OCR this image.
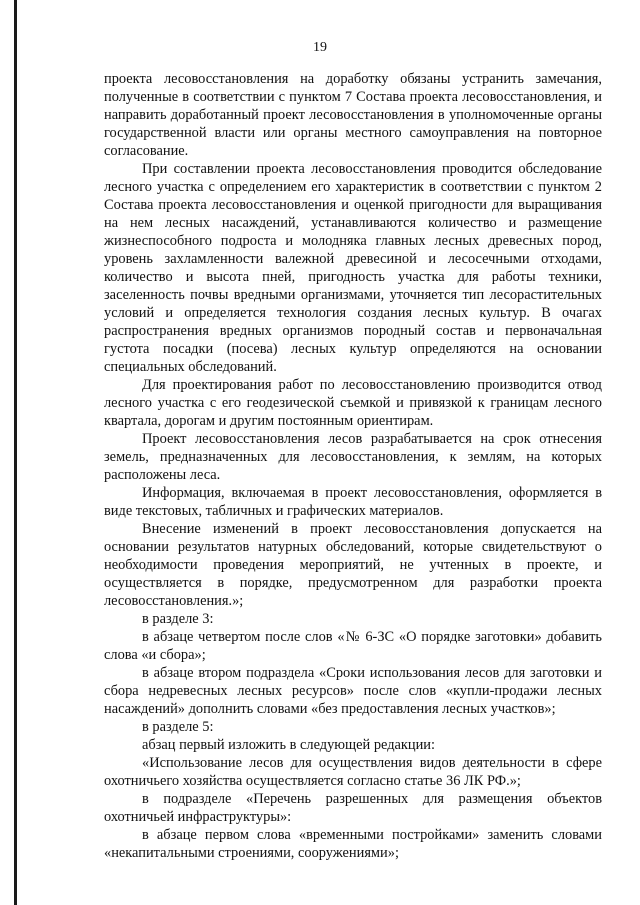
19

проекта лесовосстановления на доработку обязаны устранить замечания, полученные в соответствии с пунктом 7 Состава проекта лесовосстановления, и направить доработанный проект лесовосстановления в уполномоченные органы государственной власти или органы местного самоуправления на повторное согласование.

При составлении проекта лесовосстановления проводится обследование лесного участка с определением его характеристик в соответствии с пунктом 2 Состава проекта лесовосстановления и оценкой пригодности для выращивания на нем лесных насаждений, устанавливаются количество и размещение жизнеспособного подроста и молодняка главных лесных древесных пород, уровень захламленности валежной древесиной и лесосечными отходами, количество и высота пней, пригодность участка для работы техники, заселенность почвы вредными организмами, уточняется тип лесорастительных условий и определяется технология создания лесных культур. В очагах распространения вредных организмов породный состав и первоначальная густота посадки (посева) лесных культур определяются на основании специальных обследований.

Для проектирования работ по лесовосстановлению производится отвод лесного участка с его геодезической съемкой и привязкой к границам лесного квартала, дорогам и другим постоянным ориентирам.

Проект лесовосстановления лесов разрабатывается на срок отнесения земель, предназначенных для лесовосстановления, к землям, на которых расположены леса.

Информация, включаемая в проект лесовосстановления, оформляется в виде текстовых, табличных и графических материалов.

Внесение изменений в проект лесовосстановления допускается на основании результатов натурных обследований, которые свидетельствуют о необходимости проведения мероприятий, не учтенных в проекте, и осуществляется в порядке, предусмотренном для разработки проекта лесовосстановления.»;

в разделе 3:

в абзаце четвертом после слов «№ 6-ЗС «О порядке заготовки» добавить слова «и сбора»;

в абзаце втором подраздела «Сроки использования лесов для заготовки и сбора недревесных лесных ресурсов» после слов «купли-продажи лесных насаждений» дополнить словами «без предоставления лесных участков»;

в разделе 5:

абзац первый изложить в следующей редакции:

«Использование лесов для осуществления видов деятельности в сфере охотничьего хозяйства осуществляется согласно статье 36 ЛК РФ.»;

в подразделе «Перечень разрешенных для размещения объектов охотничьей инфраструктуры»:

в абзаце первом слова «временными постройками» заменить словами «некапитальными строениями, сооружениями»;
